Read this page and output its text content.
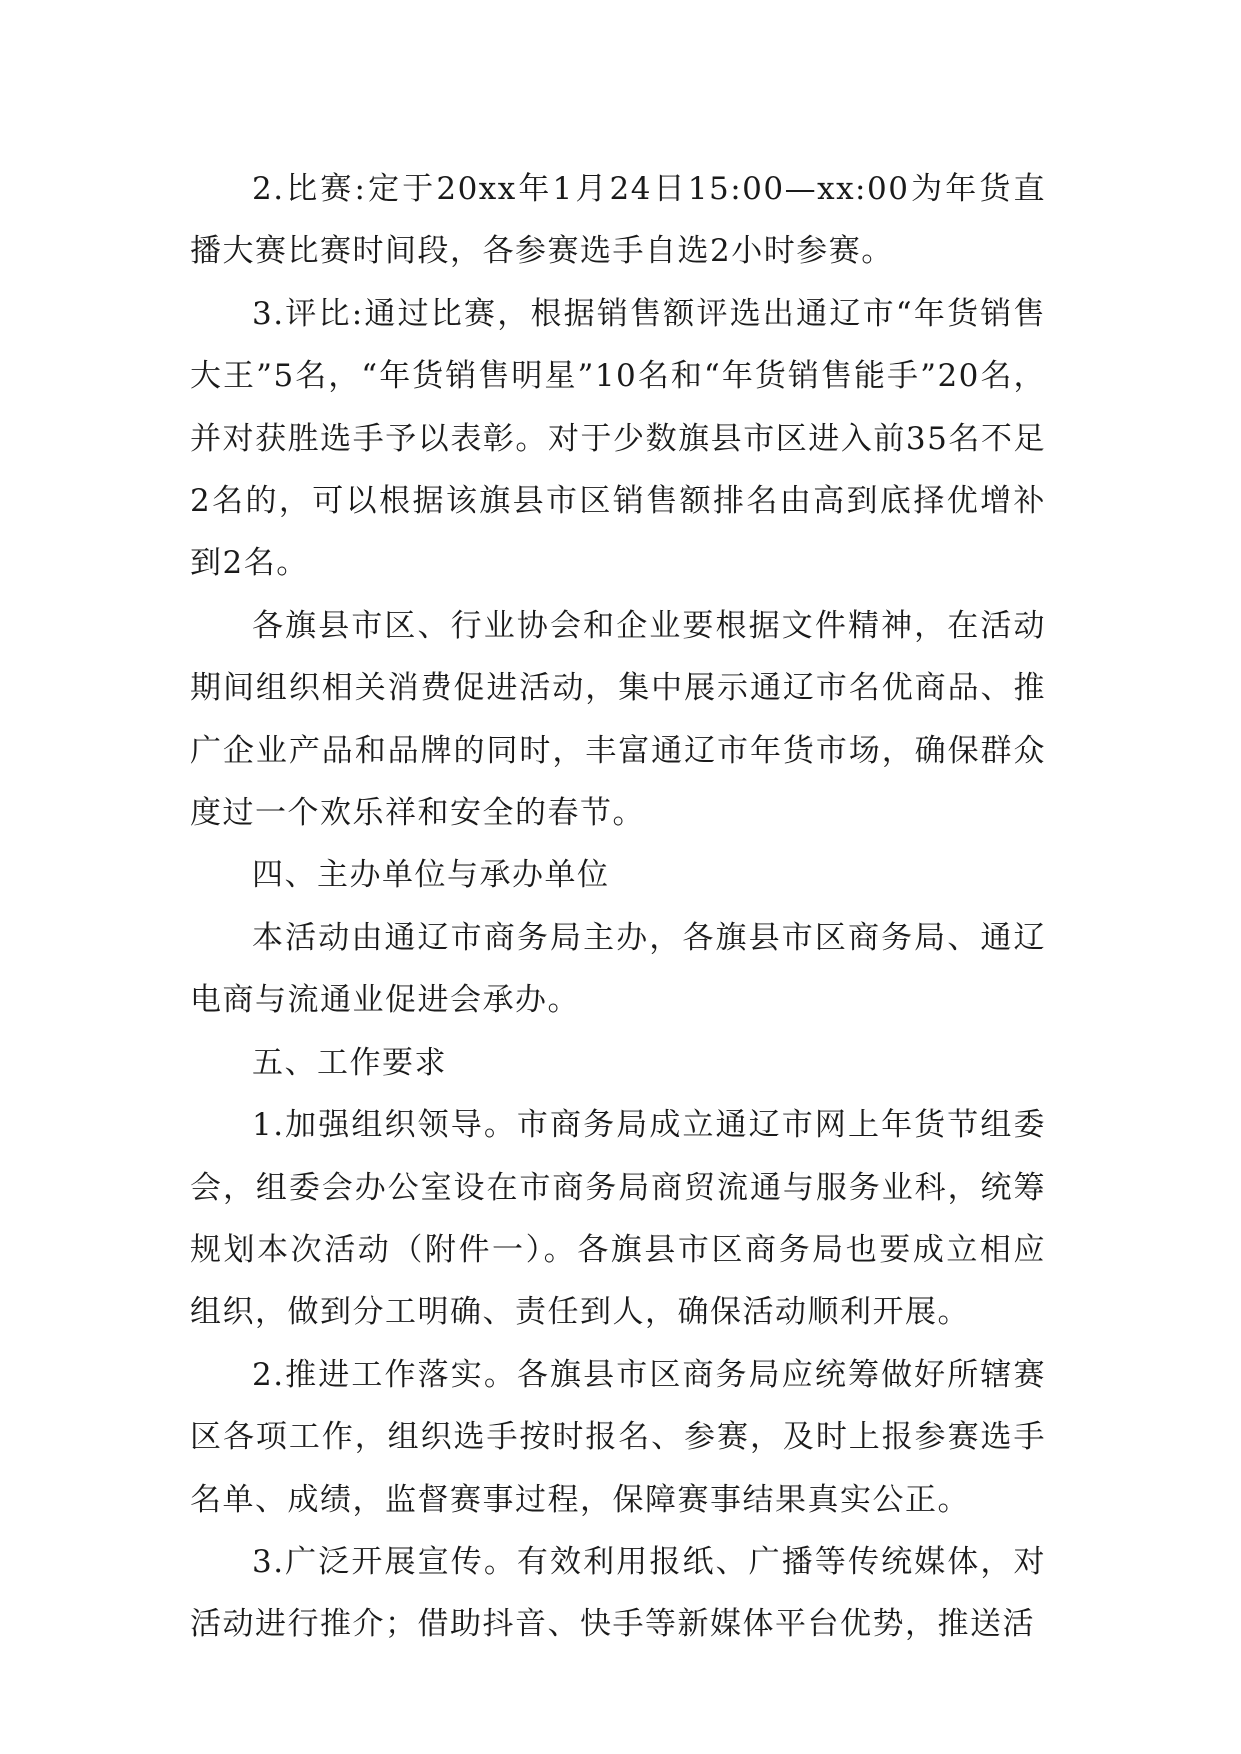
2.比赛:定于20xx年1月24日15:00—xx:00为年货直播大赛比赛时间段，各参赛选手自选2小时参赛。

3.评比:通过比赛，根据销售额评选出通辽市“年货销售大王”5名，“年货销售明星”10名和“年货销售能手”20名，并对获胜选手予以表彰。对于少数旗县市区进入前35名不足2名的，可以根据该旗县市区销售额排名由高到底择优增补到2名。

各旗县市区、行业协会和企业要根据文件精神，在活动期间组织相关消费促进活动，集中展示通辽市名优商品、推广企业产品和品牌的同时，丰富通辽市年货市场，确保群众度过一个欢乐祥和安全的春节。

四、主办单位与承办单位

本活动由通辽市商务局主办，各旗县市区商务局、通辽电商与流通业促进会承办。

五、工作要求

1.加强组织领导。市商务局成立通辽市网上年货节组委会，组委会办公室设在市商务局商贸流通与服务业科，统筹规划本次活动（附件一）。各旗县市区商务局也要成立相应组织，做到分工明确、责任到人，确保活动顺利开展。

2.推进工作落实。各旗县市区商务局应统筹做好所辖赛区各项工作，组织选手按时报名、参赛，及时上报参赛选手名单、成绩，监督赛事过程，保障赛事结果真实公正。

3.广泛开展宣传。有效利用报纸、广播等传统媒体，对活动进行推介；借助抖音、快手等新媒体平台优势，推送活
